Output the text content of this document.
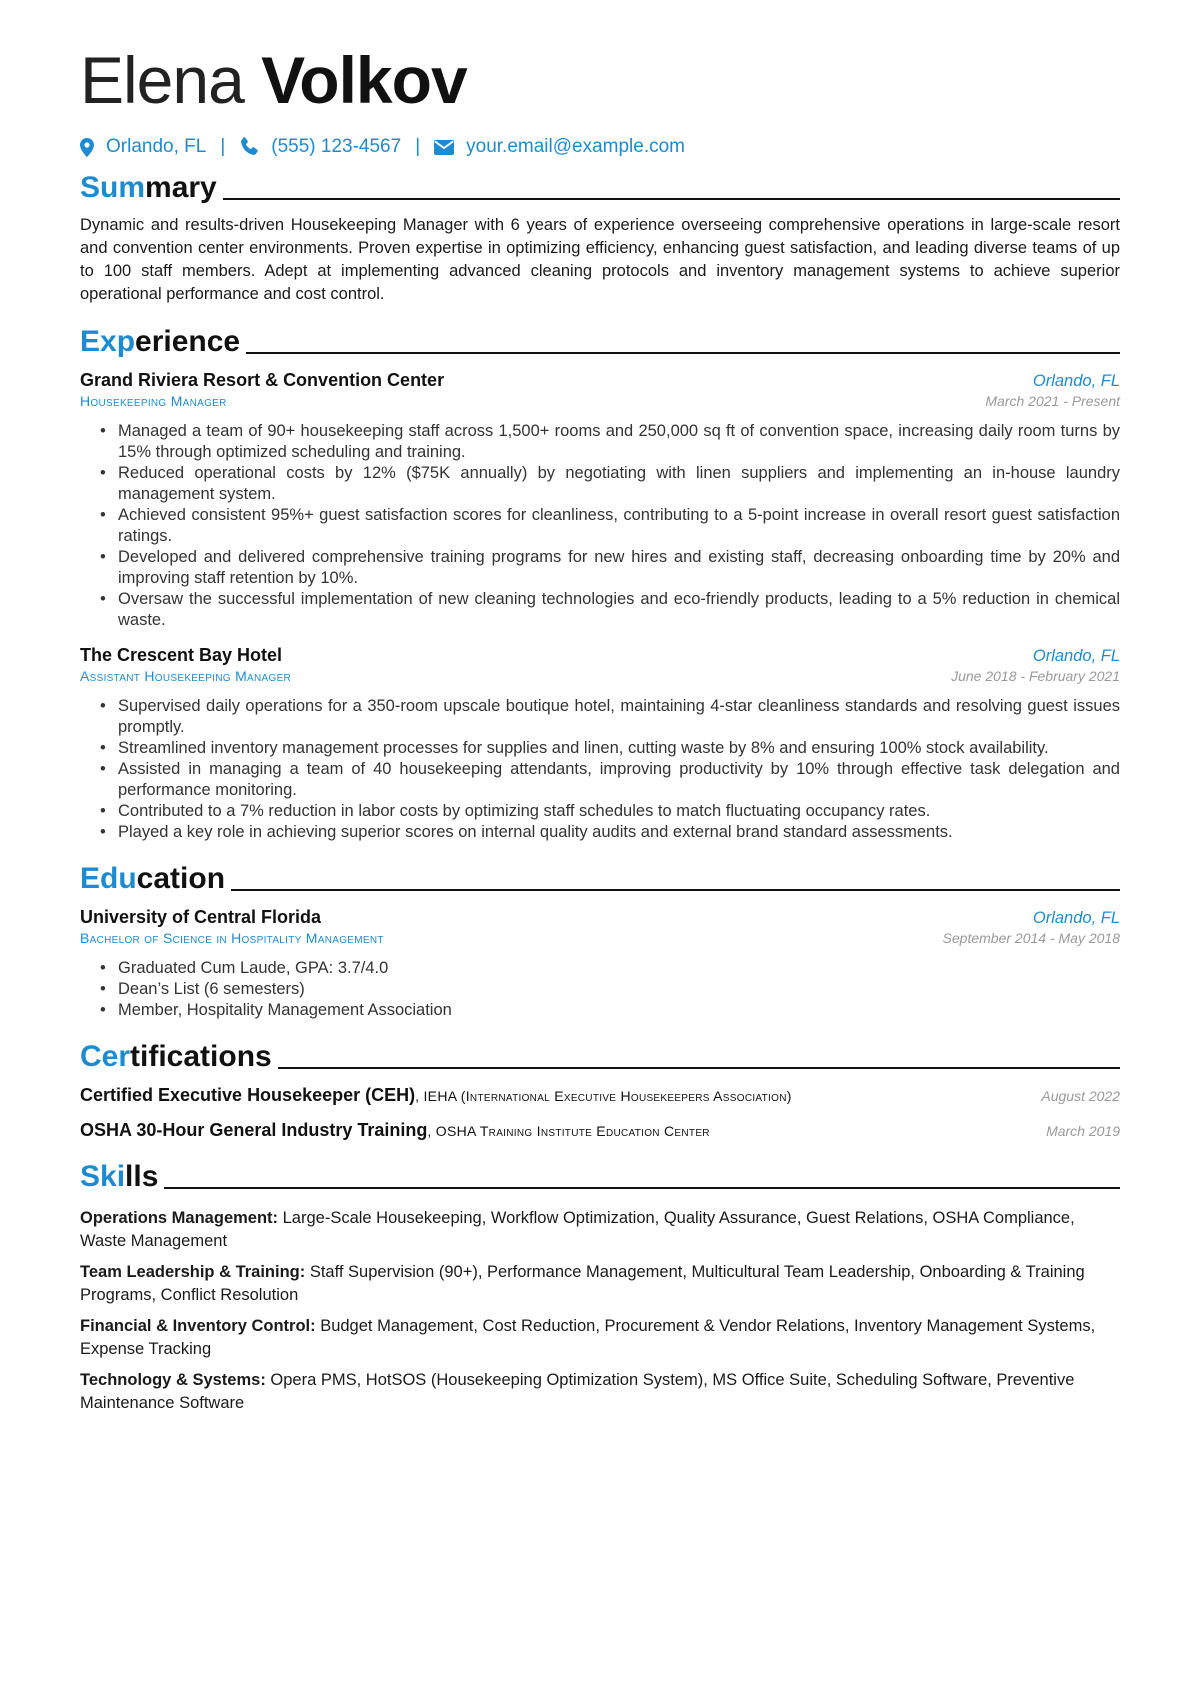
Elena Volkov
Orlando, FL | (555) 123-4567 | your.email@example.com
Summary

Dynamic and results-driven Housekeeping Manager with 6 years of experience overseeing comprehensive operations in large-scale resort and convention center environments. Proven expertise in optimizing efficiency, enhancing guest satisfaction, and leading diverse teams of up to 100 staff members. Adept at implementing advanced cleaning protocols and inventory management systems to achieve superior operational performance and cost control.

Experience
Grand Riviera Resort & Convention Center	Orlando, FL
Housekeeping Manager	March 2021 - Present
• Managed a team of 90+ housekeeping staff across 1,500+ rooms and 250,000 sq ft of convention space, increasing daily room turns by 15% through optimized scheduling and training.
• Reduced operational costs by 12% ($75K annually) by negotiating with linen suppliers and implementing an in-house laundry management system.
• Achieved consistent 95%+ guest satisfaction scores for cleanliness, contributing to a 5-point increase in overall resort guest satisfaction ratings.
• Developed and delivered comprehensive training programs for new hires and existing staff, decreasing onboarding time by 20% and improving staff retention by 10%.
• Oversaw the successful implementation of new cleaning technologies and eco-friendly products, leading to a 5% reduction in chemical waste.
The Crescent Bay Hotel	Orlando, FL
Assistant Housekeeping Manager	June 2018 - February 2021
• Supervised daily operations for a 350-room upscale boutique hotel, maintaining 4-star cleanliness standards and resolving guest issues promptly.
• Streamlined inventory management processes for supplies and linen, cutting waste by 8% and ensuring 100% stock availability.
• Assisted in managing a team of 40 housekeeping attendants, improving productivity by 10% through effective task delegation and performance monitoring.
• Contributed to a 7% reduction in labor costs by optimizing staff schedules to match fluctuating occupancy rates.
• Played a key role in achieving superior scores on internal quality audits and external brand standard assessments.
Education
University of Central Florida	Orlando, FL
Bachelor of Science in Hospitality Management	September 2014 - May 2018
• Graduated Cum Laude, GPA: 3.7/4.0
• Dean’s List (6 semesters)
• Member, Hospitality Management Association
Certifications
Certified Executive Housekeeper (CEH), IEHA (International Executive Housekeepers Association)	August 2022
OSHA 30-Hour General Industry Training, OSHA Training Institute Education Center	March 2019
Skills
Operations Management: Large-Scale Housekeeping, Workflow Optimization, Quality Assurance, Guest Relations, OSHA Compliance, Waste Management
Team Leadership & Training: Staff Supervision (90+), Performance Management, Multicultural Team Leadership, Onboarding & Training Programs, Conflict Resolution
Financial & Inventory Control: Budget Management, Cost Reduction, Procurement & Vendor Relations, Inventory Management Systems, Expense Tracking
Technology & Systems: Opera PMS, HotSOS (Housekeeping Optimization System), MS Office Suite, Scheduling Software, Preventive Maintenance Software
